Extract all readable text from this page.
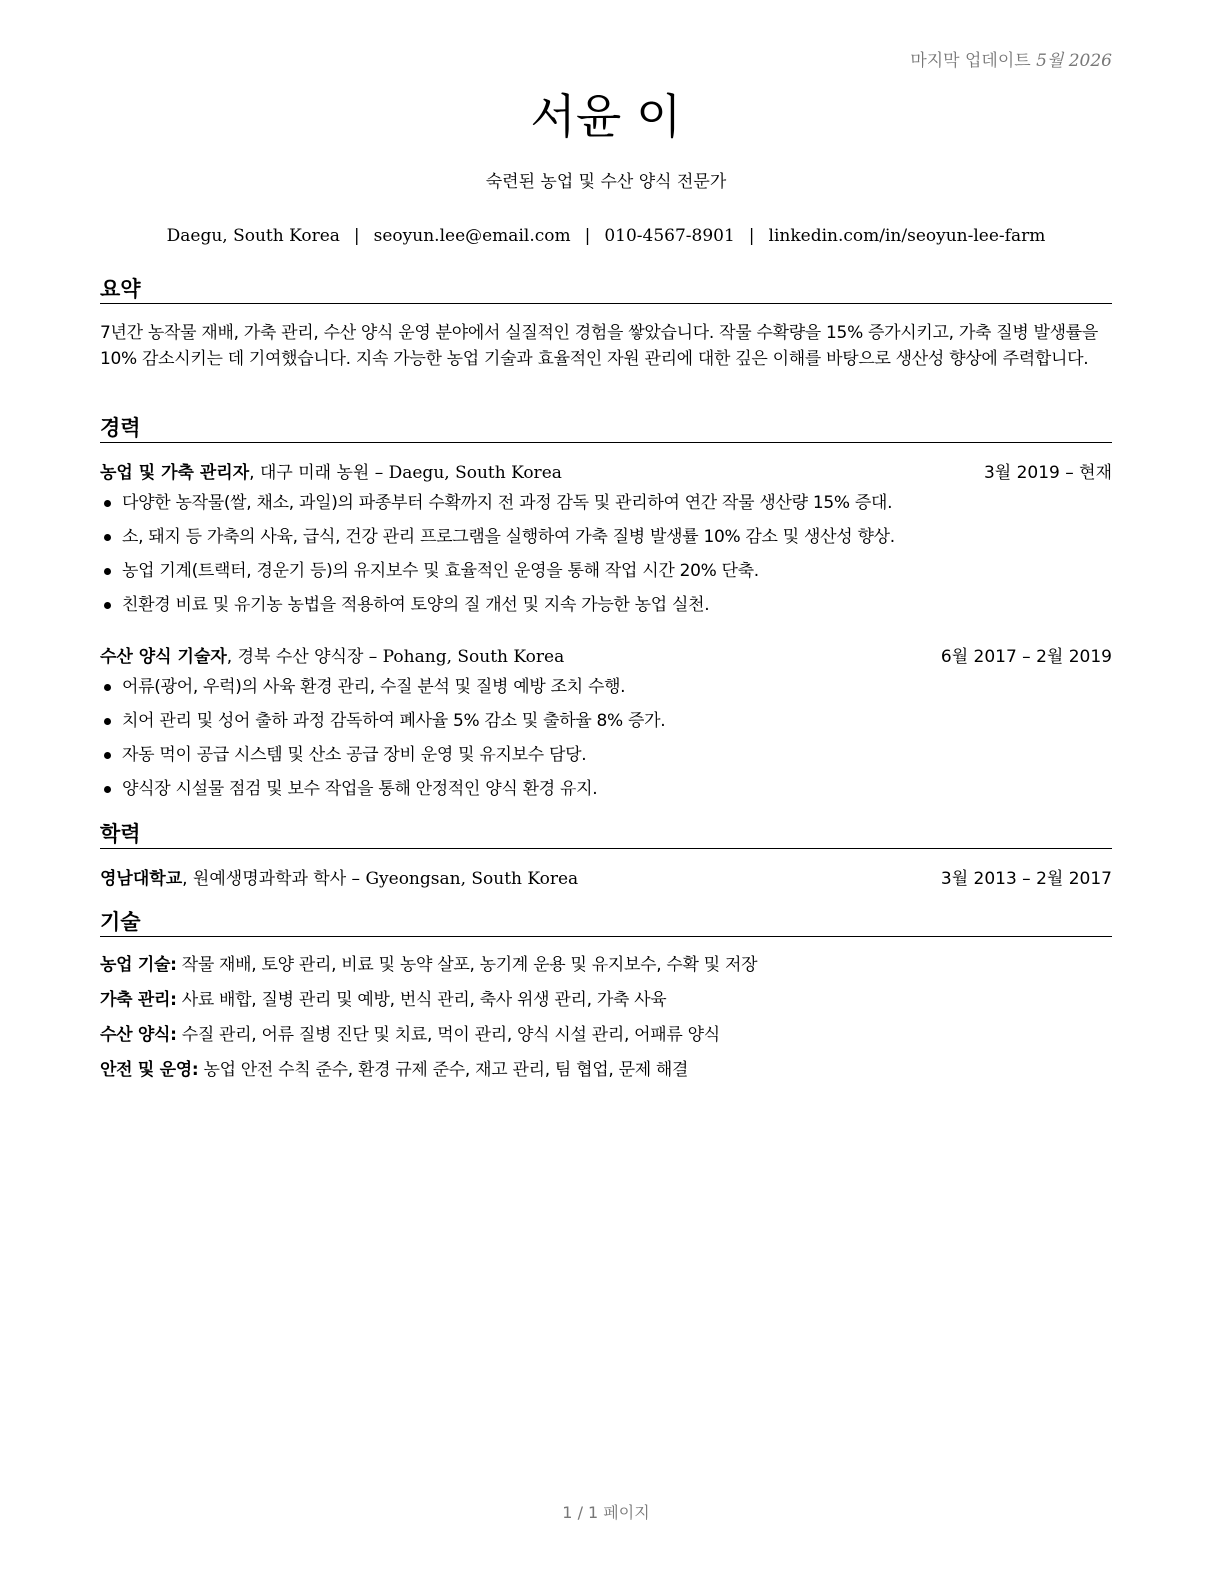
마지막 업데이트 5월 2026
서윤 이
숙련된 농업 및 수산 양식 전문가
Daegu, South Korea | seoyun.lee@email.com | 010-4567-8901 | linkedin.com/in/seoyun-lee-farm
요약
7년간 농작물 재배, 가축 관리, 수산 양식 운영 분야에서 실질적인 경험을 쌓았습니다. 작물 수확량을 15% 증가시키고, 가축 질병 발생률을 10% 감소시키는 데 기여했습니다. 지속 가능한 농업 기술과 효율적인 자원 관리에 대한 깊은 이해를 바탕으로 생산성 향상에 주력합니다.
경력
농업 및 가축 관리자, 대구 미래 농원 – Daegu, South Korea	3월 2019 – 현재
다양한 농작물(쌀, 채소, 과일)의 파종부터 수확까지 전 과정 감독 및 관리하여 연간 작물 생산량 15% 증대.
소, 돼지 등 가축의 사육, 급식, 건강 관리 프로그램을 실행하여 가축 질병 발생률 10% 감소 및 생산성 향상.
농업 기계(트랙터, 경운기 등)의 유지보수 및 효율적인 운영을 통해 작업 시간 20% 단축.
친환경 비료 및 유기농 농법을 적용하여 토양의 질 개선 및 지속 가능한 농업 실천.
수산 양식 기술자, 경북 수산 양식장 – Pohang, South Korea	6월 2017 – 2월 2019
어류(광어, 우럭)의 사육 환경 관리, 수질 분석 및 질병 예방 조치 수행.
치어 관리 및 성어 출하 과정 감독하여 폐사율 5% 감소 및 출하율 8% 증가.
자동 먹이 공급 시스템 및 산소 공급 장비 운영 및 유지보수 담당.
양식장 시설물 점검 및 보수 작업을 통해 안정적인 양식 환경 유지.
학력
영남대학교, 원예생명과학과 학사 – Gyeongsan, South Korea	3월 2013 – 2월 2017
기술
농업 기술: 작물 재배, 토양 관리, 비료 및 농약 살포, 농기계 운용 및 유지보수, 수확 및 저장
가축 관리: 사료 배합, 질병 관리 및 예방, 번식 관리, 축사 위생 관리, 가축 사육
수산 양식: 수질 관리, 어류 질병 진단 및 치료, 먹이 관리, 양식 시설 관리, 어패류 양식
안전 및 운영: 농업 안전 수칙 준수, 환경 규제 준수, 재고 관리, 팀 협업, 문제 해결
1 / 1 페이지
